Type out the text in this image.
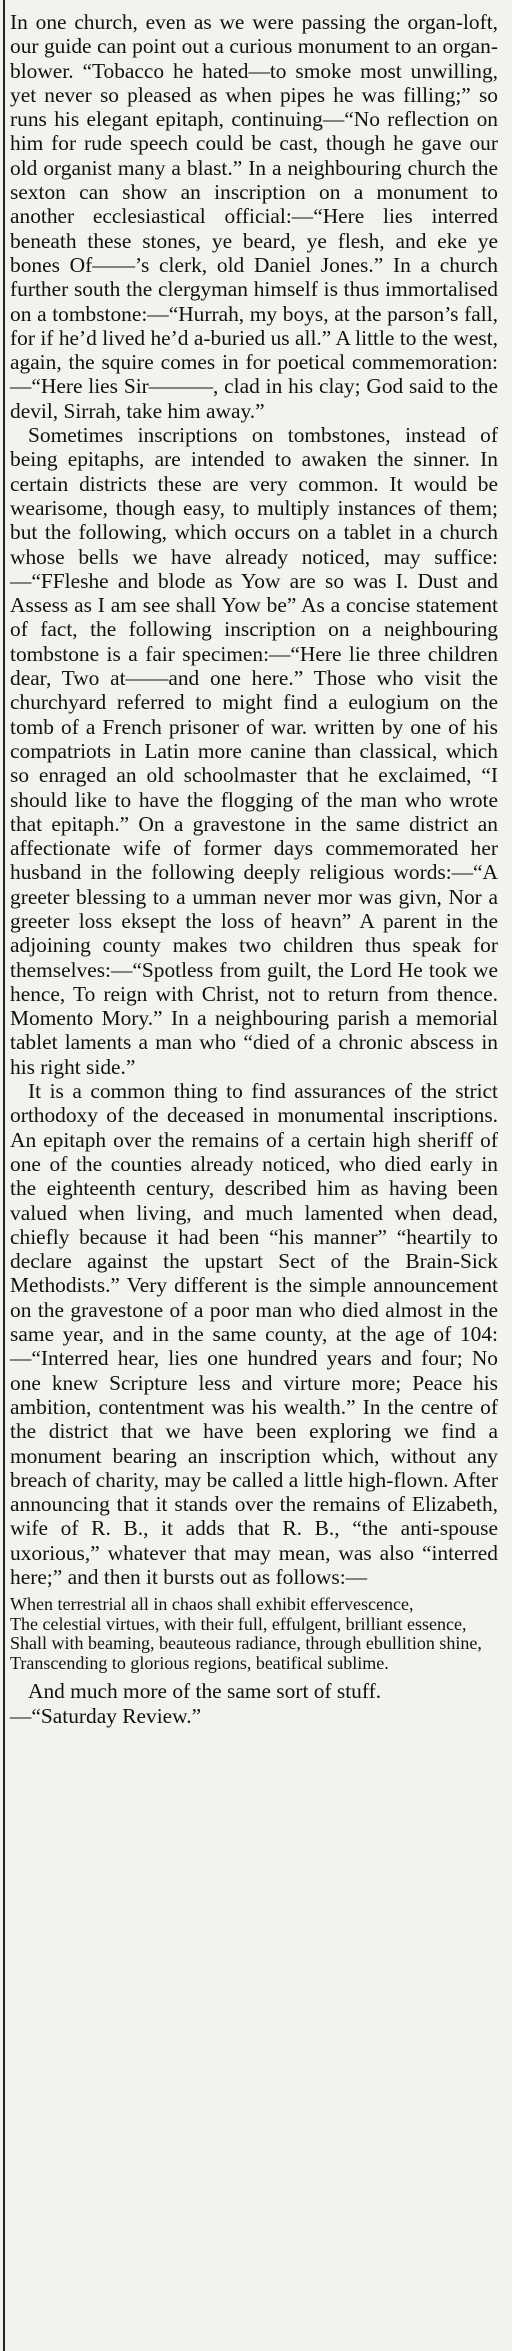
In one church, even as we were passing the organ-loft, our guide can point out a curious monument to an organ-blower. “Tobacco he hated—to smoke most unwilling, yet never so pleased as when pipes he was filling;” so runs his elegant epitaph, continuing—“No reflection on him for rude speech could be cast, though he gave our old organist many a blast.” In a neighbouring church the sexton can show an inscription on a monument to another ecclesiastical official:—“Here lies interred beneath these stones, ye beard, ye flesh, and eke ye bones Of——’s clerk, old Daniel Jones.” In a church further south the clergyman himself is thus immortalised on a tombstone:—“Hurrah, my boys, at the parson’s fall, for if he’d lived he’d a-buried us all.” A little to the west, again, the squire comes in for poetical commemoration:—“Here lies Sir———, clad in his clay; God said to the devil, Sirrah, take him away.”

Sometimes inscriptions on tombstones, instead of being epitaphs, are intended to awaken the sinner. In certain districts these are very common. It would be wearisome, though easy, to multiply instances of them; but the following, which occurs on a tablet in a church whose bells we have already noticed, may suffice:—“FFleshe and blode as Yow are so was I. Dust and Assess as I am see shall Yow be” As a concise statement of fact, the following inscription on a neighbouring tombstone is a fair specimen:—“Here lie three children dear, Two at——and one here.” Those who visit the churchyard referred to might find a eulogium on the tomb of a French prisoner of war. written by one of his compatriots in Latin more canine than classical, which so enraged an old schoolmaster that he exclaimed, “I should like to have the flogging of the man who wrote that epitaph.” On a gravestone in the same district an affectionate wife of former days commemorated her husband in the following deeply religious words:—“A greeter blessing to a umman never mor was givn, Nor a greeter loss eksept the loss of heavn” A parent in the adjoining county makes two children thus speak for themselves:—“Spotless from guilt, the Lord He took we hence, To reign with Christ, not to return from thence. Momento Mory.” In a neighbouring parish a memorial tablet laments a man who “died of a chronic abscess in his right side.”

It is a common thing to find assurances of the strict orthodoxy of the deceased in monumental inscriptions. An epitaph over the remains of a certain high sheriff of one of the counties already noticed, who died early in the eighteenth century, described him as having been valued when living, and much lamented when dead, chiefly because it had been “his manner” “heartily to declare against the upstart Sect of the Brain-Sick Methodists.” Very different is the simple announcement on the gravestone of a poor man who died almost in the same year, and in the same county, at the age of 104:—“Interred hear, lies one hundred years and four; No one knew Scripture less and virture more; Peace his ambition, contentment was his wealth.” In the centre of the district that we have been exploring we find a monument bearing an inscription which, without any breach of charity, may be called a little high-flown. After announcing that it stands over the remains of Elizabeth, wife of R. B., it adds that R. B., “the anti-spouse uxorious,” whatever that may mean, was also “interred here;” and then it bursts out as follows:—

When terrestrial all in chaos shall exhibit effervescence,

The celestial virtues, with their full, effulgent, brilliant essence,

Shall with beaming, beauteous radiance, through ebullition shine,

Transcending to glorious regions, beatifical sublime.

And much more of the same sort of stuff.

—“Saturday Review.”
